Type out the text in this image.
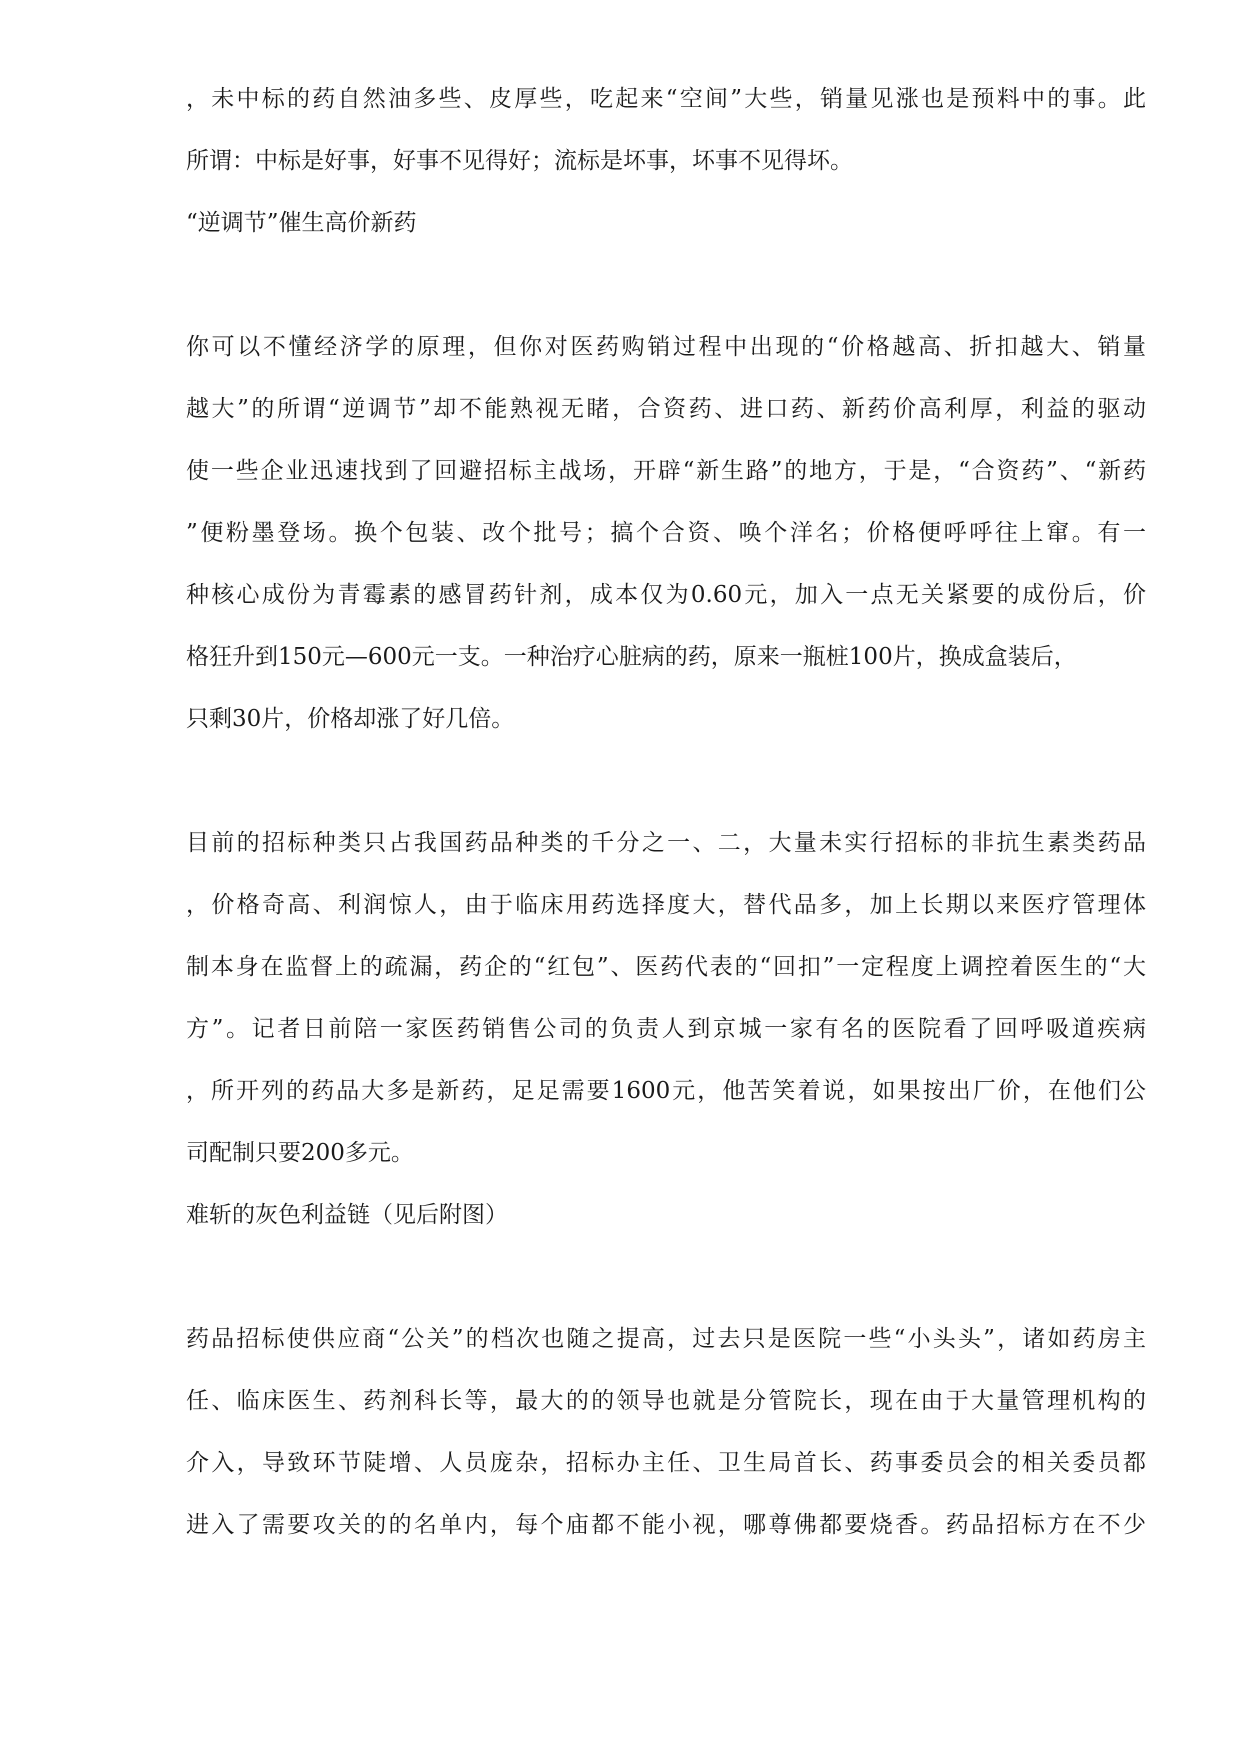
，未中标的药自然油多些、皮厚些，吃起来“空间”大些，销量见涨也是预料中的事。此
所谓：中标是好事，好事不见得好；流标是坏事，坏事不见得坏。
“逆调节”催生高价新药
你可以不懂经济学的原理，但你对医药购销过程中出现的“价格越高、折扣越大、销量
越大”的所谓“逆调节”却不能熟视无睹，合资药、进口药、新药价高利厚，利益的驱动
使一些企业迅速找到了回避招标主战场，开辟“新生路”的地方，于是，“合资药”、“新药
”便粉墨登场。换个包装、改个批号；搞个合资、唤个洋名；价格便呼呼往上窜。有一
种核心成份为青霉素的感冒药针剂，成本仅为0.60元，加入一点无关紧要的成份后，价
格狂升到150元—600元一支。一种治疗心脏病的药，原来一瓶桩100片，换成盒装后，
只剩30片，价格却涨了好几倍。
目前的招标种类只占我国药品种类的千分之一、二，大量未实行招标的非抗生素类药品
，价格奇高、利润惊人，由于临床用药选择度大，替代品多，加上长期以来医疗管理体
制本身在监督上的疏漏，药企的“红包”、医药代表的“回扣”一定程度上调控着医生的“大
方”。记者日前陪一家医药销售公司的负责人到京城一家有名的医院看了回呼吸道疾病
，所开列的药品大多是新药，足足需要1600元，他苦笑着说，如果按出厂价，在他们公
司配制只要200多元。
难斩的灰色利益链（见后附图）
药品招标使供应商“公关”的档次也随之提高，过去只是医院一些“小头头”，诸如药房主
任、临床医生、药剂科长等，最大的的领导也就是分管院长，现在由于大量管理机构的
介入，导致环节陡增、人员庞杂，招标办主任、卫生局首长、药事委员会的相关委员都
进入了需要攻关的的名单内，每个庙都不能小视，哪尊佛都要烧香。药品招标方在不少
